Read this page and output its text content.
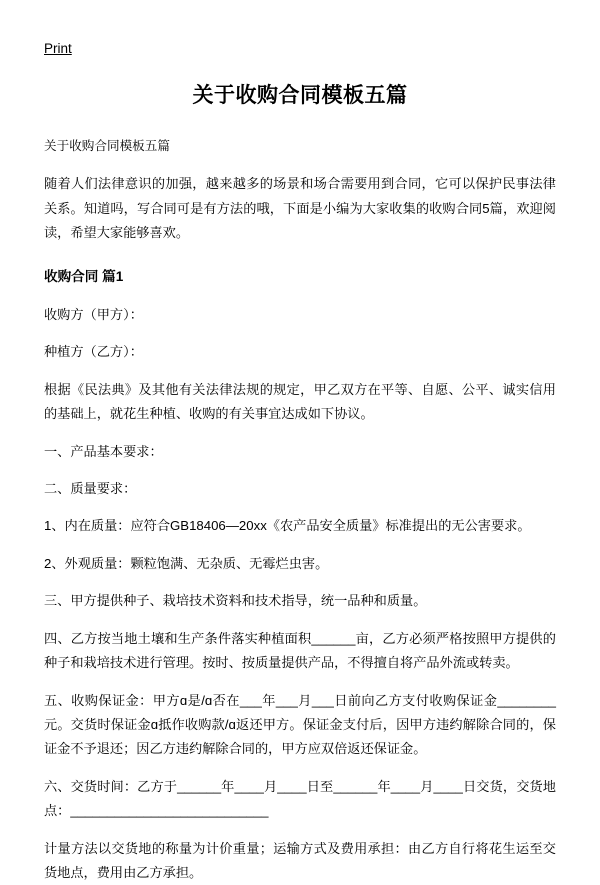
Print
关于收购合同模板五篇

关于收购合同模板五篇

随着人们法律意识的加强，越来越多的场景和场合需要用到合同，它可以保护民事法律关系。知道吗，写合同可是有方法的哦，下面是小编为大家收集的收购合同5篇，欢迎阅读，希望大家能够喜欢。

收购合同 篇1

收购方（甲方）：

种植方（乙方）：

根据《民法典》及其他有关法律法规的规定，甲乙双方在平等、自愿、公平、诚实信用的基础上，就花生种植、收购的有关事宜达成如下协议。

一、产品基本要求：

二、质量要求：

1、内在质量：应符合GB18406—20xx《农产品安全质量》标准提出的无公害要求。

2、外观质量：颗粒饱满、无杂质、无霉烂虫害。

三、甲方提供种子、栽培技术资料和技术指导，统一品种和质量。

四、乙方按当地土壤和生产条件落实种植面积______亩，乙方必须严格按照甲方提供的种子和栽培技术进行管理。按时、按质量提供产品，不得擅自将产品外流或转卖。

五、收购保证金：甲方ɑ是/ɑ否在___年___月___日前向乙方支付收购保证金________元。交货时保证金ɑ抵作收购款/ɑ返还甲方。保证金支付后，因甲方违约解除合同的，保证金不予退还；因乙方违约解除合同的，甲方应双倍返还保证金。

六、交货时间：乙方于______年____月____日至______年____月____日交货，交货地点：___________________________

计量方法以交货地的称量为计价重量；运输方式及费用承担：由乙方自行将花生运至交货地点，费用由乙方承担。
